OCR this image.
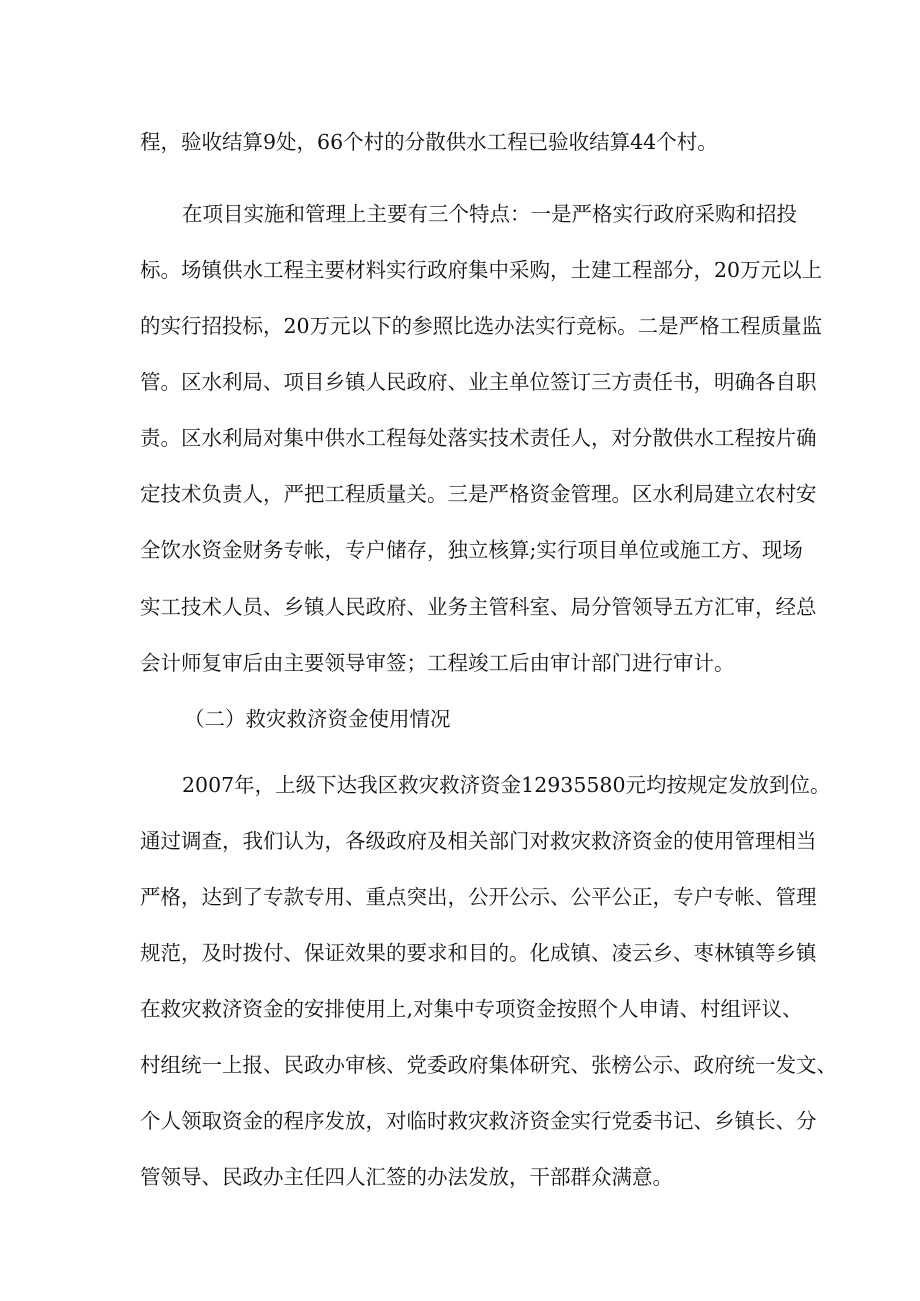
程，验收结算9处，66个村的分散供水工程已验收结算44个村。
在项目实施和管理上主要有三个特点：一是严格实行政府采购和招投
标。场镇供水工程主要材料实行政府集中采购，土建工程部分，20万元以上
的实行招投标，20万元以下的参照比选办法实行竞标。二是严格工程质量监
管。区水利局、项目乡镇人民政府、业主单位签订三方责任书，明确各自职
责。区水利局对集中供水工程每处落实技术责任人，对分散供水工程按片确
定技术负责人，严把工程质量关。三是严格资金管理。区水利局建立农村安
全饮水资金财务专帐，专户储存，独立核算;实行项目单位或施工方、现场
实工技术人员、乡镇人民政府、业务主管科室、局分管领导五方汇审，经总
会计师复审后由主要领导审签；工程竣工后由审计部门进行审计。
（二）救灾救济资金使用情况
2007年，上级下达我区救灾救济资金12935580元均按规定发放到位。
通过调查，我们认为，各级政府及相关部门对救灾救济资金的使用管理相当
严格，达到了专款专用、重点突出，公开公示、公平公正，专户专帐、管理
规范，及时拨付、保证效果的要求和目的。化成镇、凌云乡、枣林镇等乡镇
在救灾救济资金的安排使用上,对集中专项资金按照个人申请、村组评议、
村组统一上报、民政办审核、党委政府集体研究、张榜公示、政府统一发文、
个人领取资金的程序发放，对临时救灾救济资金实行党委书记、乡镇长、分
管领导、民政办主任四人汇签的办法发放，干部群众满意。
